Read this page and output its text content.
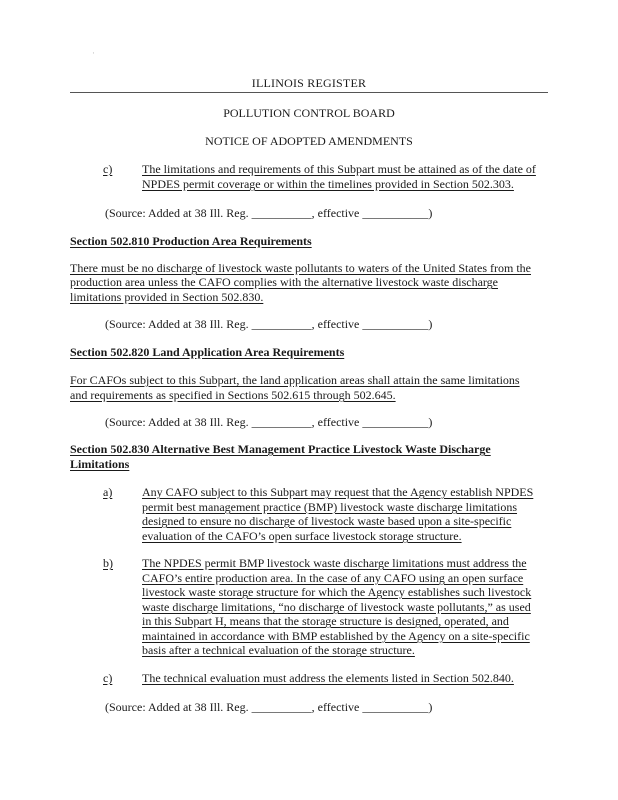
·
ILLINOIS REGISTER
POLLUTION CONTROL BOARD
NOTICE OF ADOPTED AMENDMENTS
c) The limitations and requirements of this Subpart must be attained as of the date of
NPDES permit coverage or within the timelines provided in Section 502.303.
(Source: Added at 38 Ill. Reg. __________, effective ___________)
Section 502.810 Production Area Requirements
There must be no discharge of livestock waste pollutants to waters of the United States from the
production area unless the CAFO complies with the alternative livestock waste discharge
limitations provided in Section 502.830.
(Source: Added at 38 Ill. Reg. __________, effective ___________)
Section 502.820 Land Application Area Requirements
For CAFOs subject to this Subpart, the land application areas shall attain the same limitations
and requirements as specified in Sections 502.615 through 502.645.
(Source: Added at 38 Ill. Reg. __________, effective ___________)
Section 502.830 Alternative Best Management Practice Livestock Waste Discharge
Limitations
a) Any CAFO subject to this Subpart may request that the Agency establish NPDES
permit best management practice (BMP) livestock waste discharge limitations
designed to ensure no discharge of livestock waste based upon a site-specific
evaluation of the CAFO’s open surface livestock storage structure.
b) The NPDES permit BMP livestock waste discharge limitations must address the
CAFO’s entire production area. In the case of any CAFO using an open surface
livestock waste storage structure for which the Agency establishes such livestock
waste discharge limitations, “no discharge of livestock waste pollutants,” as used
in this Subpart H, means that the storage structure is designed, operated, and
maintained in accordance with BMP established by the Agency on a site-specific
basis after a technical evaluation of the storage structure.
c) The technical evaluation must address the elements listed in Section 502.840.
(Source: Added at 38 Ill. Reg. __________, effective ___________)
